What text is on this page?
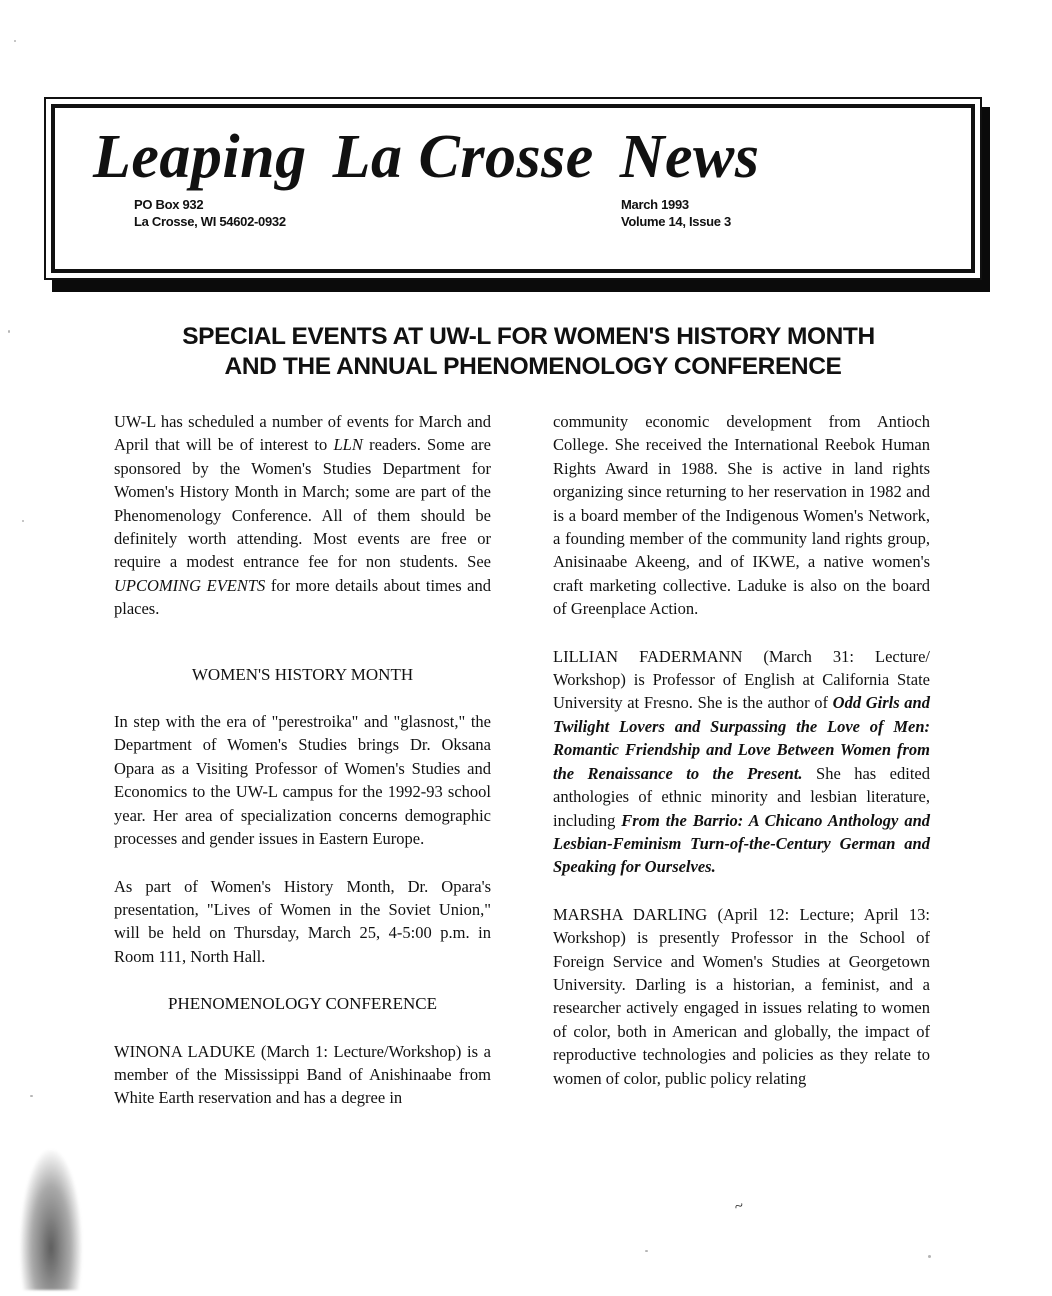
Leaping La Crosse News
PO Box 932
La Crosse, WI 54602-0932
March 1993
Volume 14, Issue 3
SPECIAL EVENTS AT UW-L FOR WOMEN'S HISTORY MONTH
AND THE ANNUAL PHENOMENOLOGY CONFERENCE

UW-L has scheduled a number of events for March and April that will be of interest to LLN readers. Some are sponsored by the Women's Studies Department for Women's History Month in March; some are part of the Phenomenology Conference. All of them should be definitely worth attending. Most events are free or require a modest entrance fee for non students. See UPCOMING EVENTS for more details about times and places.

WOMEN'S HISTORY MONTH

In step with the era of "perestroika" and "glasnost," the Department of Women's Studies brings Dr. Oksana Opara as a Visiting Professor of Women's Studies and Economics to the UW-L campus for the 1992-93 school year. Her area of specialization concerns demographic processes and gender issues in Eastern Europe.

As part of Women's History Month, Dr. Opara's presentation, "Lives of Women in the Soviet Union," will be held on Thursday, March 25, 4-5:00 p.m. in Room 111, North Hall.

PHENOMENOLOGY CONFERENCE

WINONA LADUKE (March 1: Lecture/Workshop) is a member of the Mississippi Band of Anishinaabe from White Earth reservation and has a degree in

community economic development from Antioch College. She received the International Reebok Human Rights Award in 1988. She is active in land rights organizing since returning to her reservation in 1982 and is a board member of the Indigenous Women's Network, a founding member of the community land rights group, Anisinaabe Akeeng, and of IKWE, a native women's craft marketing collective. Laduke is also on the board of Greenplace Action.

LILLIAN FADERMANN (March 31: Lecture/ Workshop) is Professor of English at California State University at Fresno. She is the author of Odd Girls and Twilight Lovers and Surpassing the Love of Men: Romantic Friendship and Love Between Women from the Renaissance to the Present. She has edited anthologies of ethnic minority and lesbian literature, including From the Barrio: A Chicano Anthology and Lesbian-Feminism Turn-of-the-Century German and Speaking for Ourselves.

MARSHA DARLING (April 12: Lecture; April 13: Workshop) is presently Professor in the School of Foreign Service and Women's Studies at Georgetown University. Darling is a historian, a feminist, and a researcher actively engaged in issues relating to women of color, both in American and globally, the impact of reproductive technologies and policies as they relate to women of color, public policy relating

~
